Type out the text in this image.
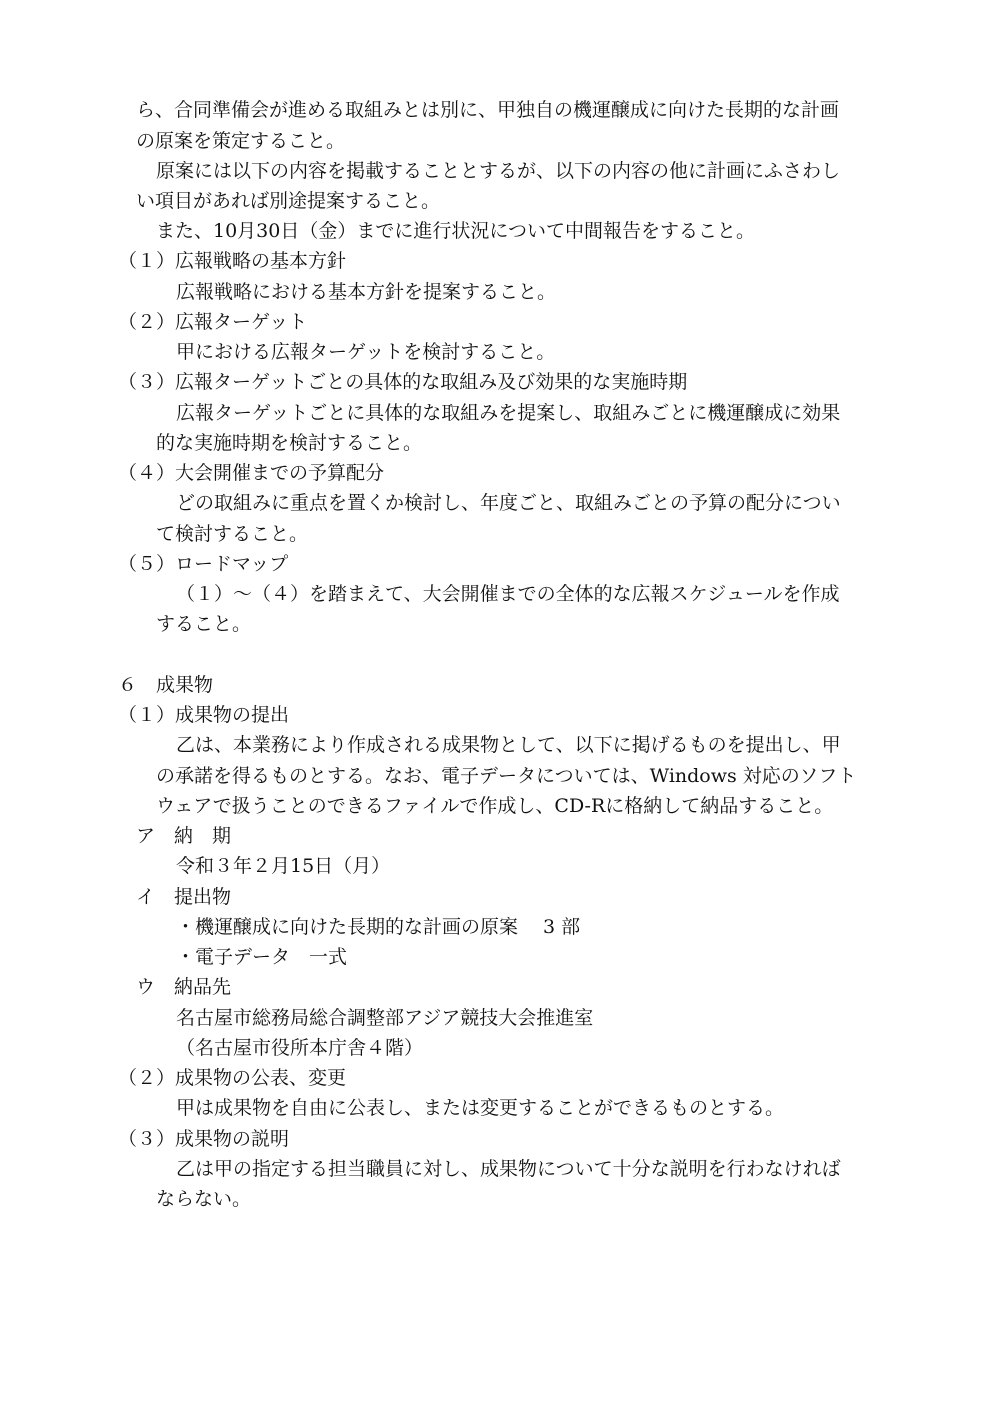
ら、合同準備会が進める取組みとは別に、甲独自の機運醸成に向けた長期的な計画
の原案を策定すること。
原案には以下の内容を掲載することとするが、以下の内容の他に計画にふさわし
い項目があれば別途提案すること。
また、10月30日（金）までに進行状況について中間報告をすること。
（１）広報戦略の基本方針
広報戦略における基本方針を提案すること。
（２）広報ターゲット
甲における広報ターゲットを検討すること。
（３）広報ターゲットごとの具体的な取組み及び効果的な実施時期
広報ターゲットごとに具体的な取組みを提案し、取組みごとに機運醸成に効果
的な実施時期を検討すること。
（４）大会開催までの予算配分
どの取組みに重点を置くか検討し、年度ごと、取組みごとの予算の配分につい
て検討すること。
（５）ロードマップ
（１）～（４）を踏まえて、大会開催までの全体的な広報スケジュールを作成
すること。
６　成果物
（１）成果物の提出
乙は、本業務により作成される成果物として、以下に掲げるものを提出し、甲
の承諾を得るものとする。なお、電子データについては、Windows 対応のソフト
ウェアで扱うことのできるファイルで作成し、CD-Rに格納して納品すること。
ア　納　期
令和３年２月15日（月）
イ　提出物
・機運醸成に向けた長期的な計画の原案　 3 部
・電子データ　一式
ウ　納品先
名古屋市総務局総合調整部アジア競技大会推進室
（名古屋市役所本庁舎４階）
（２）成果物の公表、変更
甲は成果物を自由に公表し、または変更することができるものとする。
（３）成果物の説明
乙は甲の指定する担当職員に対し、成果物について十分な説明を行わなければ
ならない。
